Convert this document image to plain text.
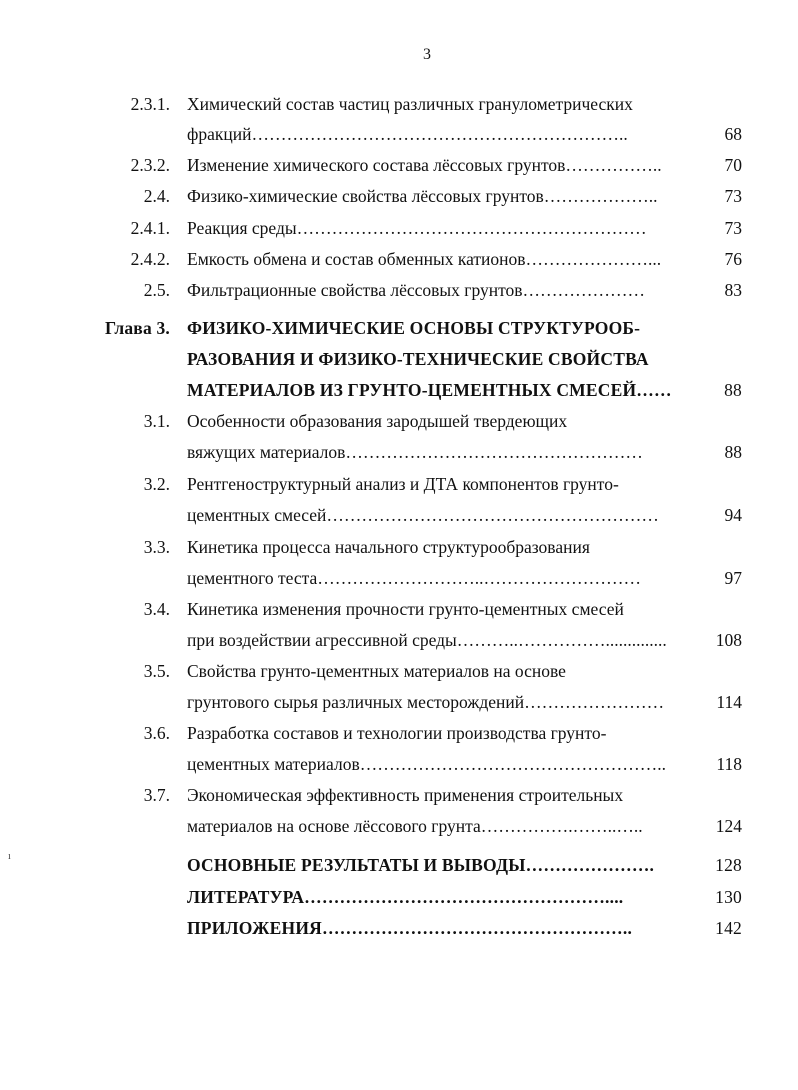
3
2.3.1. Химический состав частиц различных гранулометрических
фракций………………………………………………………..	68
2.3.2. Изменение химического состава лёссовых грунтов……………..	70
2.4. Физико-химические свойства лёссовых грунтов………………..	73
2.4.1. Реакция среды……………………………………………………	73
2.4.2. Емкость обмена и состав обменных катионов…………………...	76
2.5. Фильтрационные свойства лёссовых грунтов…………………	83
Глава 3. ФИЗИКО-ХИМИЧЕСКИЕ ОСНОВЫ СТРУКТУРООБ-
РАЗОВАНИЯ И ФИЗИКО-ТЕХНИЧЕСКИЕ СВОЙСТВА
МАТЕРИАЛОВ ИЗ ГРУНТО-ЦЕМЕНТНЫХ СМЕСЕЙ……	88
3.1. Особенности образования зародышей твердеющих
вяжущих материалов……………………………………………	88
3.2. Рентгеноструктурный анализ и ДТА компонентов грунто-
цементных смесей…………………………………………………	94
3.3. Кинетика процесса начального структурообразования
цементного теста………………………..………………………	97
3.4. Кинетика изменения прочности грунто-цементных смесей
при воздействии агрессивной среды………..……………..............	108
3.5. Свойства грунто-цементных материалов на основе
грунтового сырья различных месторождений……………………	114
3.6. Разработка составов и технологии производства грунто-
цементных материалов……………………………………………..	118
3.7. Экономическая эффективность применения строительных
материалов на основе лёссового грунта…………….……..…..	124
ОСНОВНЫЕ РЕЗУЛЬТАТЫ И ВЫВОДЫ………………….	128
ЛИТЕРАТУРА……………………………………………....	130
ПРИЛОЖЕНИЯ……………………………………………..	142
ı
